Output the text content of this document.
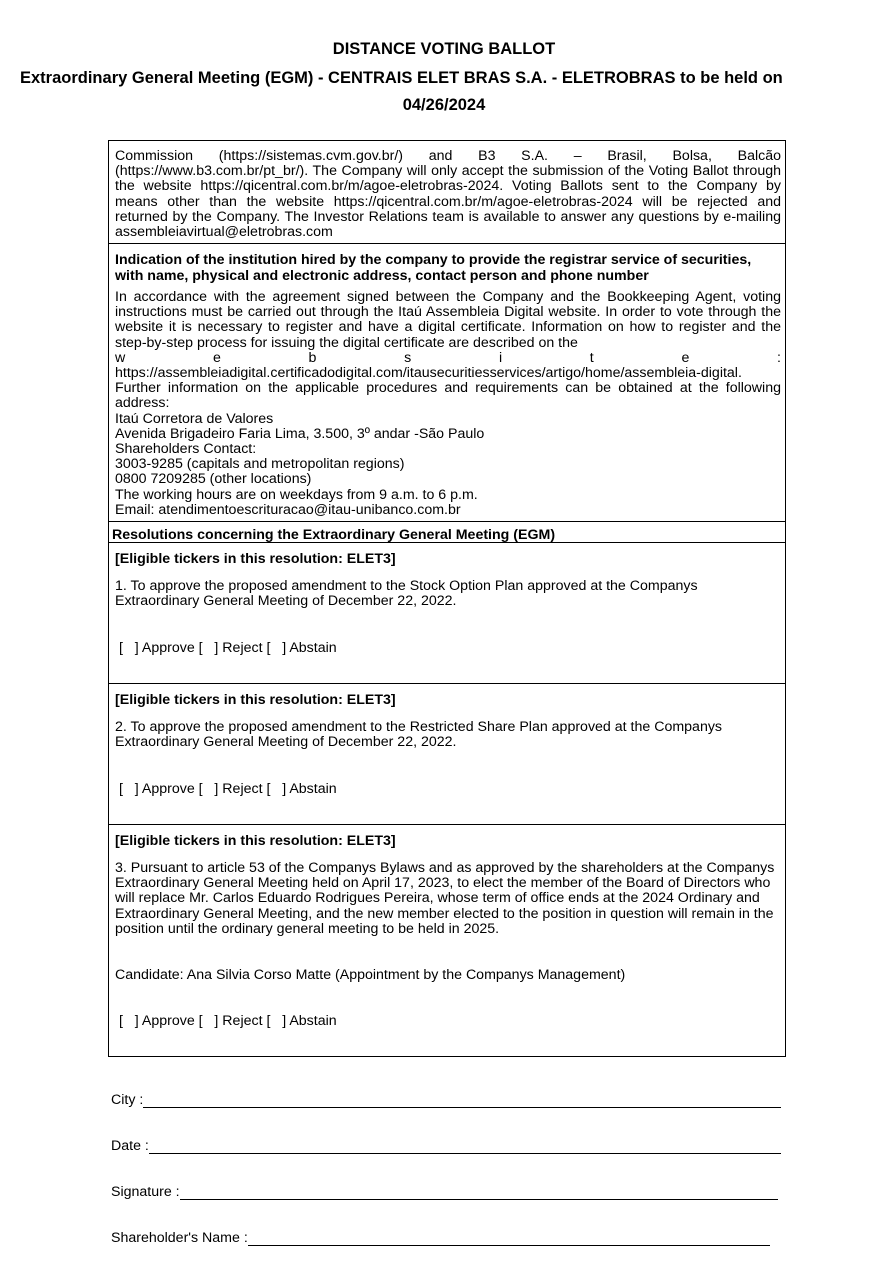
DISTANCE VOTING BALLOT
Extraordinary General Meeting (EGM) - CENTRAIS ELET BRAS S.A. - ELETROBRAS to be held on
04/26/2024
Commission (https://sistemas.cvm.gov.br/) and B3 S.A. – Brasil, Bolsa, Balcão (https://www.b3.com.br/pt_br/). The Company will only accept the submission of the Voting Ballot through the website https://qicentral.com.br/m/agoe-eletrobras-2024. Voting Ballots sent to the Company by means other than the website https://qicentral.com.br/m/agoe-eletrobras-2024 will be rejected and returned by the Company. The Investor Relations team is available to answer any questions by e-mailing assembleiavirtual@eletrobras.com
Indication of the institution hired by the company to provide the registrar service of securities, with name, physical and electronic address, contact person and phone number
In accordance with the agreement signed between the Company and the Bookkeeping Agent, voting instructions must be carried out through the Itaú Assembleia Digital website. In order to vote through the website it is necessary to register and have a digital certificate. Information on how to register and the step-by-step process for issuing the digital certificate are described on the
w	e	b	s	i	t	e	:
https://assembleiadigital.certificadodigital.com/itausecuritiesservices/artigo/home/assembleia-digital. Further information on the applicable procedures and requirements can be obtained at the following address:
Itaú Corretora de Valores
Avenida Brigadeiro Faria Lima, 3.500, 3º andar -São Paulo
Shareholders Contact:
3003-9285 (capitals and metropolitan regions)
0800 7209285 (other locations)
The working hours are on weekdays from 9 a.m. to 6 p.m.
Email: atendimentoescrituracao@itau-unibanco.com.br
Resolutions concerning the Extraordinary General Meeting (EGM)
[Eligible tickers in this resolution: ELET3]
1. To approve the proposed amendment to the Stock Option Plan approved at the Companys Extraordinary General Meeting of December 22, 2022.
[   ] Approve [   ] Reject [   ] Abstain
[Eligible tickers in this resolution: ELET3]
2. To approve the proposed amendment to the Restricted Share Plan approved at the Companys Extraordinary General Meeting of December 22, 2022.
[   ] Approve [   ] Reject [   ] Abstain
[Eligible tickers in this resolution: ELET3]
3. Pursuant to article 53 of the Companys Bylaws and as approved by the shareholders at the Companys Extraordinary General Meeting held on April 17, 2023, to elect the member of the Board of Directors who will replace Mr. Carlos Eduardo Rodrigues Pereira, whose term of office ends at the 2024 Ordinary and Extraordinary General Meeting, and the new member elected to the position in question will remain in the position until the ordinary general meeting to be held in 2025.
Candidate: Ana Silvia Corso Matte (Appointment by the Companys Management)
[   ] Approve [   ] Reject [   ] Abstain
City :
Date :
Signature :
Shareholder's Name :
